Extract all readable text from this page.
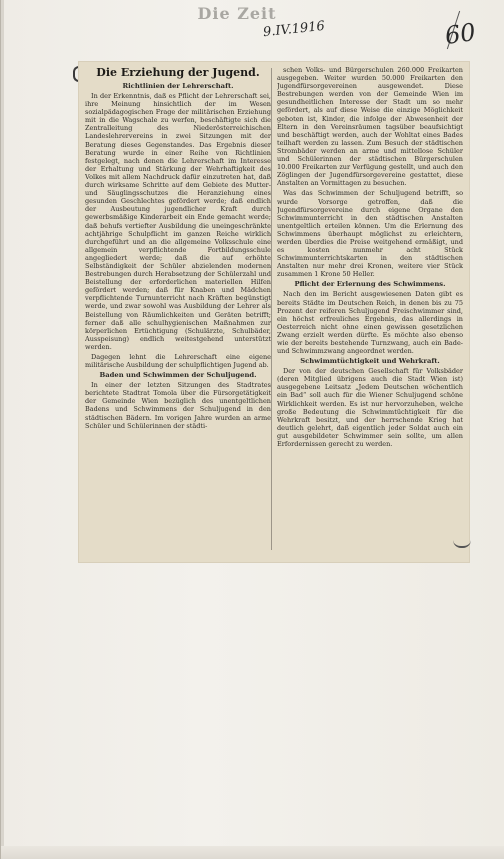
Die Zeit
9.IV.1916	60
Die Erziehung der Jugend.
Richtlinien der Lehrerschaft.

In der Erkenntnis, daß es Pflicht der Lehrerschaft sei, ihre Meinung hinsichtlich der im Wesen sozialpädagogischen Frage der militärischen Erziehung mit in die Wagschale zu werfen, beschäftigte sich die Zentralleitung des Niederösterreichischen Landeslehrervereins in zwei Sitzungen mit der Beratung dieses Gegenstandes. Das Ergebnis dieser Beratung wurde in einer Reihe von Richtlinien festgelegt, nach denen die Lehrerschaft im Interesse der Erhaltung und Stärkung der Wehrhaftigkeit des Volkes mit allem Nachdruck dafür einzutreten hat, daß durch wirksame Schritte auf dem Gebiete des Mutter- und Säuglingsschutzes die Heranziehung eines gesunden Geschlechtes gefördert werde; daß endlich der Ausbeutung jugendlicher Kraft durch gewerbsmäßige Kinderarbeit ein Ende gemacht werde; daß behufs vertiefter Ausbildung die uneingeschränkte achtjährige Schulpflicht im ganzen Reiche wirklich durchgeführt und an die allgemeine Volksschule eine allgemein verpflichtende Fortbildungsschule angegliedert werde; daß die auf erhöhte Selbständigkeit der Schüler abzielenden modernen Bestrebungen durch Herabsetzung der Schülerzahl und Beistellung der erforderlichen materiellen Hilfen gefördert werden; daß für Knaben und Mädchen verpflichtende Turnunterricht nach Kräften begünstigt werde, und zwar sowohl was Ausbildung der Lehrer als Beistellung von Räumlichkeiten und Geräten betrifft; ferner daß alle schulhygienischen Maßnahmen zur körperlichen Ertüchtigung (Schulärzte, Schulbäder, Ausspeisung) endlich weitestgehend unterstützt werden.

Dagegen lehnt die Lehrerschaft eine eigene militärische Ausbildung der schulpflichtigen Jugend ab.

Baden und Schwimmen der Schuljugend.

In einer der letzten Sitzungen des Stadtrates berichtete Stadtrat Tomola über die Fürsorgetätigkeit der Gemeinde Wien bezüglich des unentgeltlichen Badens und Schwimmens der Schuljugend in den städtischen Bädern. Im vorigen Jahre wurden an arme Schüler und Schülerinnen der städti-

schen Volks- und Bürgerschulen 260.000 Freikarten ausgegeben. Weiter wurden 50.000 Freikarten den Jugendfürsorgevereinen ausgewendet. Diese Bestrebungen werden von der Gemeinde Wien im gesundheitlichen Interesse der Stadt um so mehr gefördert, als auf diese Weise die einzige Möglichkeit geboten ist, Kinder, die infolge der Abwesenheit der Eltern in den Vereinsräumen tagsüber beaufsichtigt und beschäftigt werden, auch der Wohltat eines Bades teilhaft werden zu lassen. Zum Besuch der städtischen Strombäder werden an arme und mittellose Schüler und Schülerinnen der städtischen Bürgerschulen 10.000 Freikarten zur Verfügung gestellt, und auch den Zöglingen der Jugendfürsorgevereine gestattet, diese Anstalten an Vormittagen zu besuchen.

Was das Schwimmen der Schuljugend betrifft, so wurde Vorsorge getroffen, daß die Jugendfürsorgevereine durch eigene Organe den Schwimmunterricht in den städtischen Anstalten unentgeltlich erteilen können. Um die Erlernung des Schwimmens überhaupt möglichst zu erleichtern, werden überdies die Preise weitgehend ermäßigt, und es kosten nunmehr acht Stück Schwimmunterrichtskarten in den städtischen Anstalten nur mehr drei Kronen, weitere vier Stück zusammen 1 Krone 50 Heller.

Pflicht der Erlernung des Schwimmens.

Nach den im Bericht ausgewiesenen Daten gibt es bereits Städte im Deutschen Reich, in denen bis zu 75 Prozent der reiferen Schuljugend Freischwimmer sind, ein höchst erfreuliches Ergebnis, das allerdings in Oesterreich nicht ohne einen gewissen gesetzlichen Zwang erzielt werden dürfte. Es möchte also ebenso wie der bereits bestehende Turnzwang, auch ein Bade- und Schwimmzwang angeordnet werden.

Schwimmtüchtigkeit und Wehrkraft.

Der von der deutschen Gesellschaft für Volksbäder (deren Mitglied übrigens auch die Stadt Wien ist) ausgegebene Leitsatz „Jedem Deutschen wöchentlich ein Bad“ soll auch für die Wiener Schuljugend schöne Wirklichkeit werden. Es ist nur hervorzuheben, welche große Bedeutung die Schwimmtüchtigkeit für die Wehrkraft besitzt, und der herrschende Krieg hat deutlich gelehrt, daß eigentlich jeder Soldat auch ein gut ausgebildeter Schwimmer sein sollte, um allen Erfordernissen gerecht zu werden.
